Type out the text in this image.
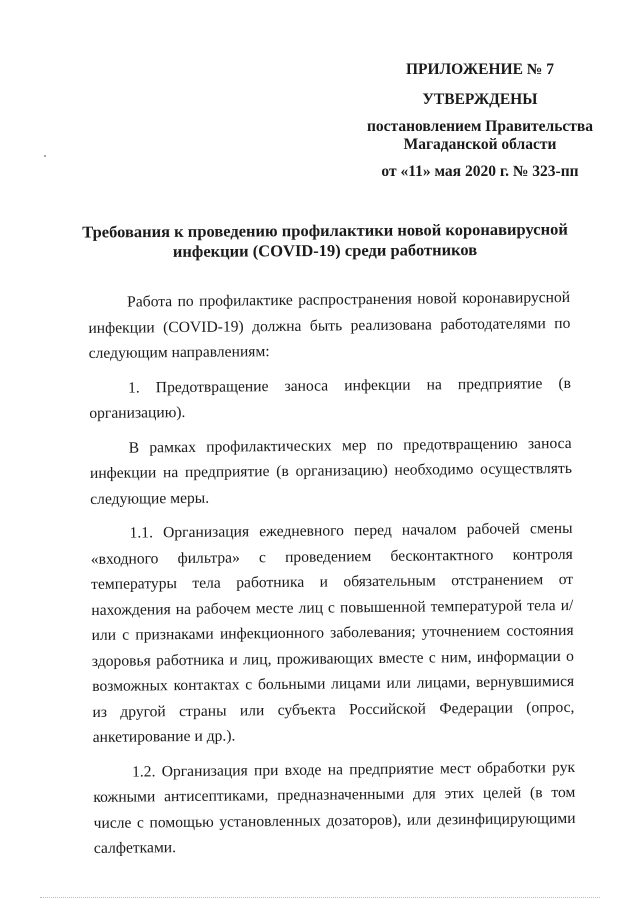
ПРИЛОЖЕНИЕ № 7
УТВЕРЖДЕНЫ
постановлением Правительства
Магаданской области
от «11» мая 2020 г. № 323-пп
Требования к проведению профилактики новой коронавирусной
инфекции (COVID-19) среди работников

Работа по профилактике распространения новой коронавирусной инфекции (COVID-19) должна быть реализована работодателями по следующим направлениям:

1. Предотвращение заноса инфекции на предприятие (в организацию).

В рамках профилактических мер по предотвращению заноса инфекции на предприятие (в организацию) необходимо осуществлять следующие меры.

1.1. Организация ежедневного перед началом рабочей смены «входного фильтра» с проведением бесконтактного контроля температуры тела работника и обязательным отстранением от нахождения на рабочем месте лиц с повышенной температурой тела и/или с признаками инфекционного заболевания; уточнением состояния здоровья работника и лиц, проживающих вместе с ним, информации о возможных контактах с больными лицами или лицами, вернувшимися из другой страны или субъекта Российской Федерации (опрос, анкетирование и др.).

1.2. Организация при входе на предприятие мест обработки рук кожными антисептиками, предназначенными для этих целей (в том числе с помощью установленных дозаторов), или дезинфицирующими салфетками.
